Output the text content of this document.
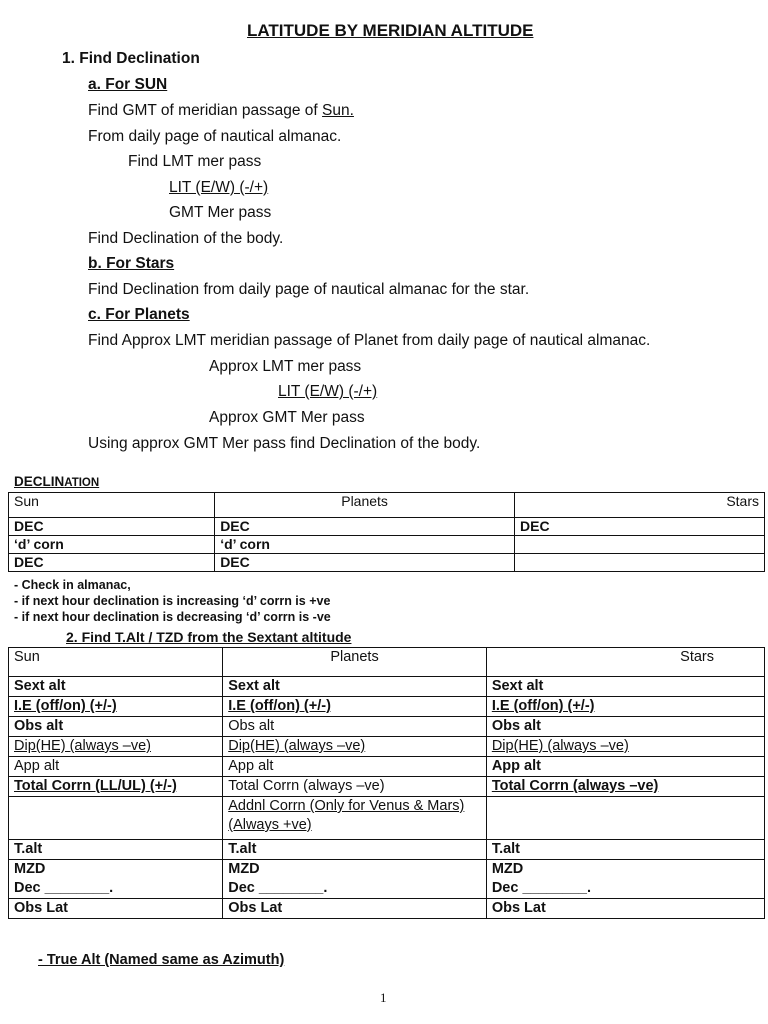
LATITUDE BY MERIDIAN ALTITUDE
1. Find Declination
a. For SUN
Find GMT of meridian passage of Sun.
From daily page of nautical almanac.
Find LMT mer pass
LIT (E/W) (-/+)
GMT Mer pass
Find Declination of the body.
b. For Stars
Find Declination from daily page of nautical almanac for the star.
c. For Planets
Find Approx LMT meridian passage of Planet from daily page of nautical almanac.
Approx LMT mer pass
LIT (E/W) (-/+)
Approx GMT Mer pass
Using approx GMT Mer pass find Declination of the body.
DECLINATION
Sun	Planets	Stars
DEC	DEC	DEC
‘d’ corn	‘d’ corn	
DEC	DEC	
- Check in almanac,
- if next hour declination is increasing ‘d’ corrn is +ve
- if next hour declination is decreasing ‘d’ corrn is -ve
2. Find T.Alt / TZD from the Sextant altitude
Sun	Planets	Stars
Sext alt	Sext alt	Sext alt
I.E (off/on) (+/-)	I.E (off/on) (+/-)	I.E (off/on) (+/-)
Obs alt	Obs alt	Obs alt
Dip(HE) (always –ve)	Dip(HE) (always –ve)	Dip(HE) (always –ve)
App alt	App alt	App alt
Total Corrn (LL/UL) (+/-)	Total Corrn (always –ve)	Total Corrn (always –ve)
	Addnl Corrn (Only for Venus & Mars) (Always +ve)	
T.alt	T.alt	T.alt
MZD	MZD	MZD
Dec ________.	Dec ________.	Dec ________.
Obs Lat	Obs Lat	Obs Lat
- True Alt (Named same as Azimuth)
1
